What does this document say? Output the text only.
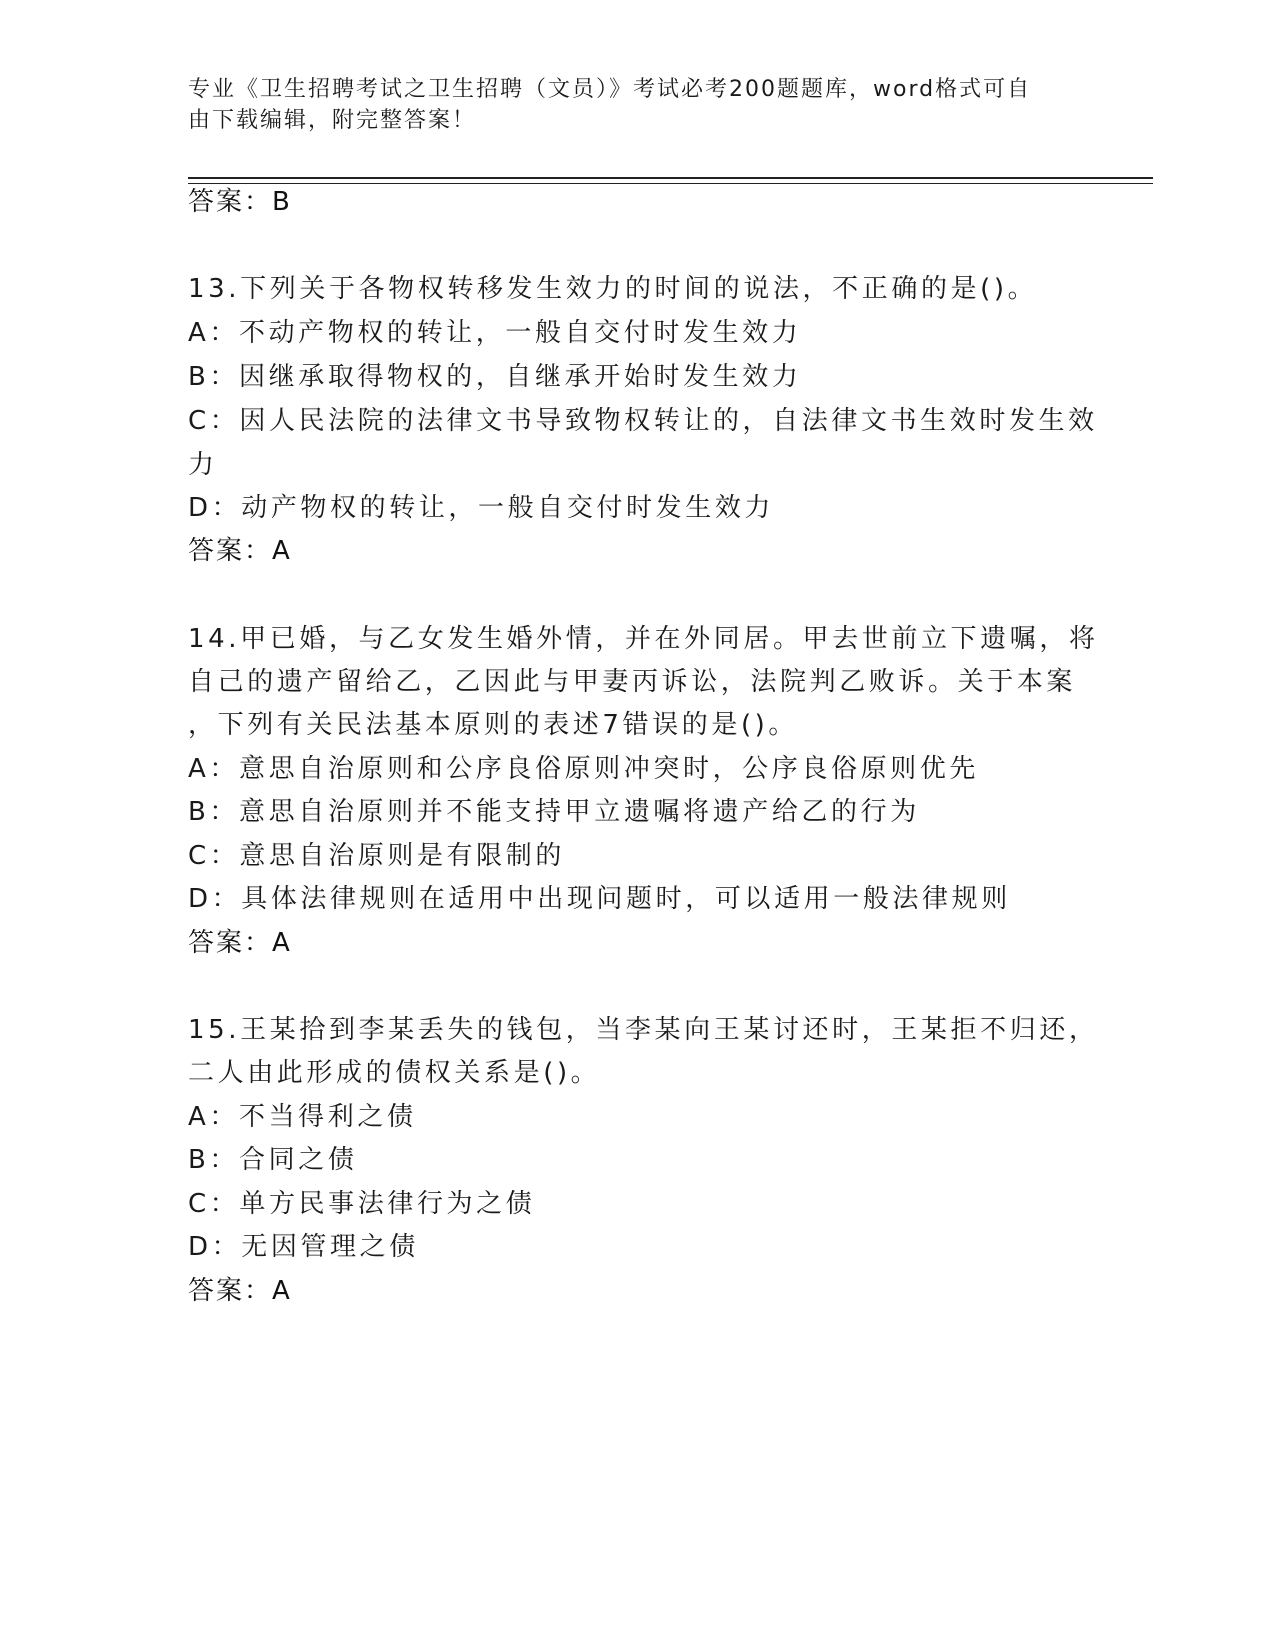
专业《卫生招聘考试之卫生招聘（文员）》考试必考200题题库，word格式可自
由下载编辑，附完整答案！
答案：B
13.下列关于各物权转移发生效力的时间的说法，不正确的是()。
A：不动产物权的转让，一般自交付时发生效力
B：因继承取得物权的，自继承开始时发生效力
C：因人民法院的法律文书导致物权转让的，自法律文书生效时发生效
力
D：动产物权的转让，一般自交付时发生效力
答案：A
14.甲已婚，与乙女发生婚外情，并在外同居。甲去世前立下遗嘱，将
自己的遗产留给乙，乙因此与甲妻丙诉讼，法院判乙败诉。关于本案
，下列有关民法基本原则的表述7错误的是()。
A：意思自治原则和公序良俗原则冲突时，公序良俗原则优先
B：意思自治原则并不能支持甲立遗嘱将遗产给乙的行为
C：意思自治原则是有限制的
D：具体法律规则在适用中出现问题时，可以适用一般法律规则
答案：A
15.王某拾到李某丢失的钱包，当李某向王某讨还时，王某拒不归还，
二人由此形成的债权关系是()。
A：不当得利之债
B：合同之债
C：单方民事法律行为之债
D：无因管理之债
答案：A
